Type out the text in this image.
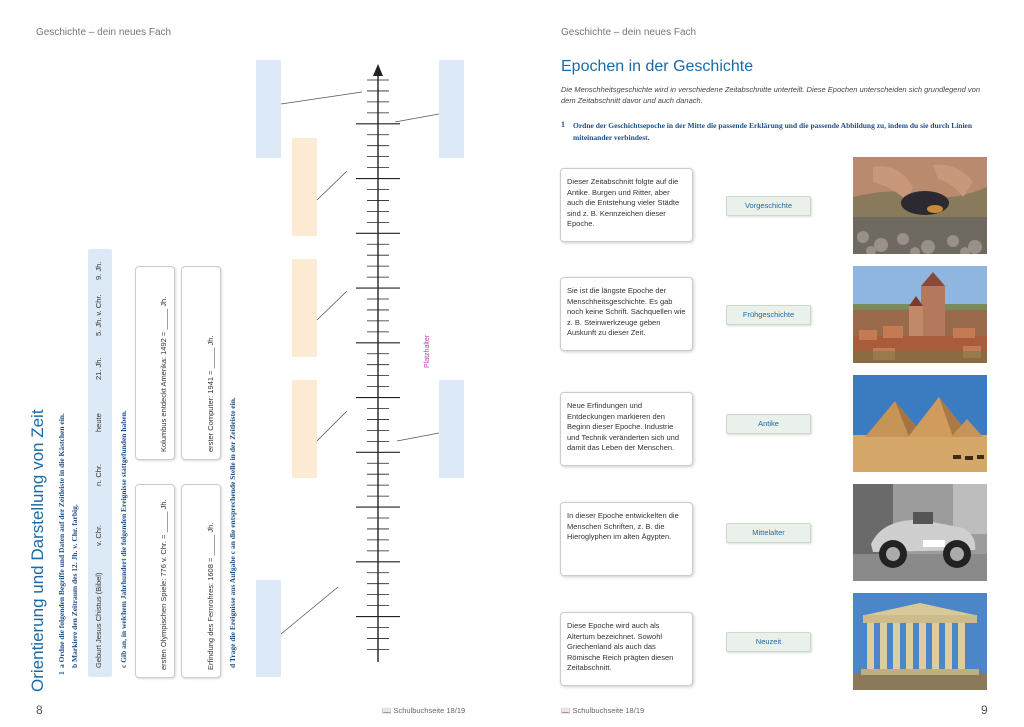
Geschichte – dein neues Fach
Orientierung und Darstellung von Zeit 1
a Ordne die folgenden Begriffe und Daten auf der Zeitleiste in die Kästchen ein. b Markiere den Zeitraum des 12. Jh. v. Chr. farbig.	c Gib an, in welchem Jahrhundert die folgenden Ereignisse stattgefunden haben.	d Trage die Ereignisse aus Aufgabe c an die entsprechende Stelle in der Zeitleiste ein.
Geburt Jesus Chistus (Bibel)
v. Chr.
n. Chr.
heute
21. Jh.
5. Jh. v. Chr.
9. Jh.
Kolumbus entdeckt Amerika: 1492 = _____ Jh.	erster Computer: 1941 = _____ Jh.
ersten Olympischen Spiele: 776 v. Chr. = _____ Jh.	Erfindung des Fernrohres: 1608 = _____ Jh.
Platzhalter
8	📖 Schulbuchseite 18/19
Geschichte – dein neues Fach
Epochen in der Geschichte
Die Menschheitsgeschichte wird in verschiedene Zeitabschnitte unterteilt. Diese Epochen unterscheiden sich grundlegend von dem Zeitabschnitt davor und auch danach.
1 Ordne der Geschichtsepoche in der Mitte die passende Erklärung und die passende Abbildung zu, indem du sie durch Linien miteinander verbindest.
Dieser Zeitabschnitt folgte auf die Antike. Burgen und Ritter, aber auch die Entstehung vieler Städte sind z. B. Kennzeichen dieser Epoche.
Sie ist die längste Epoche der Menschheitsgeschichte. Es gab noch keine Schrift. Sachquellen wie z. B. Steinwerkzeuge geben Auskunft zu dieser Zeit.
Neue Erfindungen und Entdeckungen markieren den Beginn dieser Epoche. Industrie und Technik veränderten sich und damit das Leben der Menschen.
In dieser Epoche entwickelten die Menschen Schriften, z. B. die Hieroglyphen im alten Ägypten.
Diese Epoche wird auch als Altertum bezeichnet. Sowohl Griechenland als auch das Römische Reich prägten diesen Zeitabschnitt.
Vorgeschichte
Frühgeschichte
Antike
Mittelalter
Neuzeit
📖 Schulbuchseite 18/19	9
